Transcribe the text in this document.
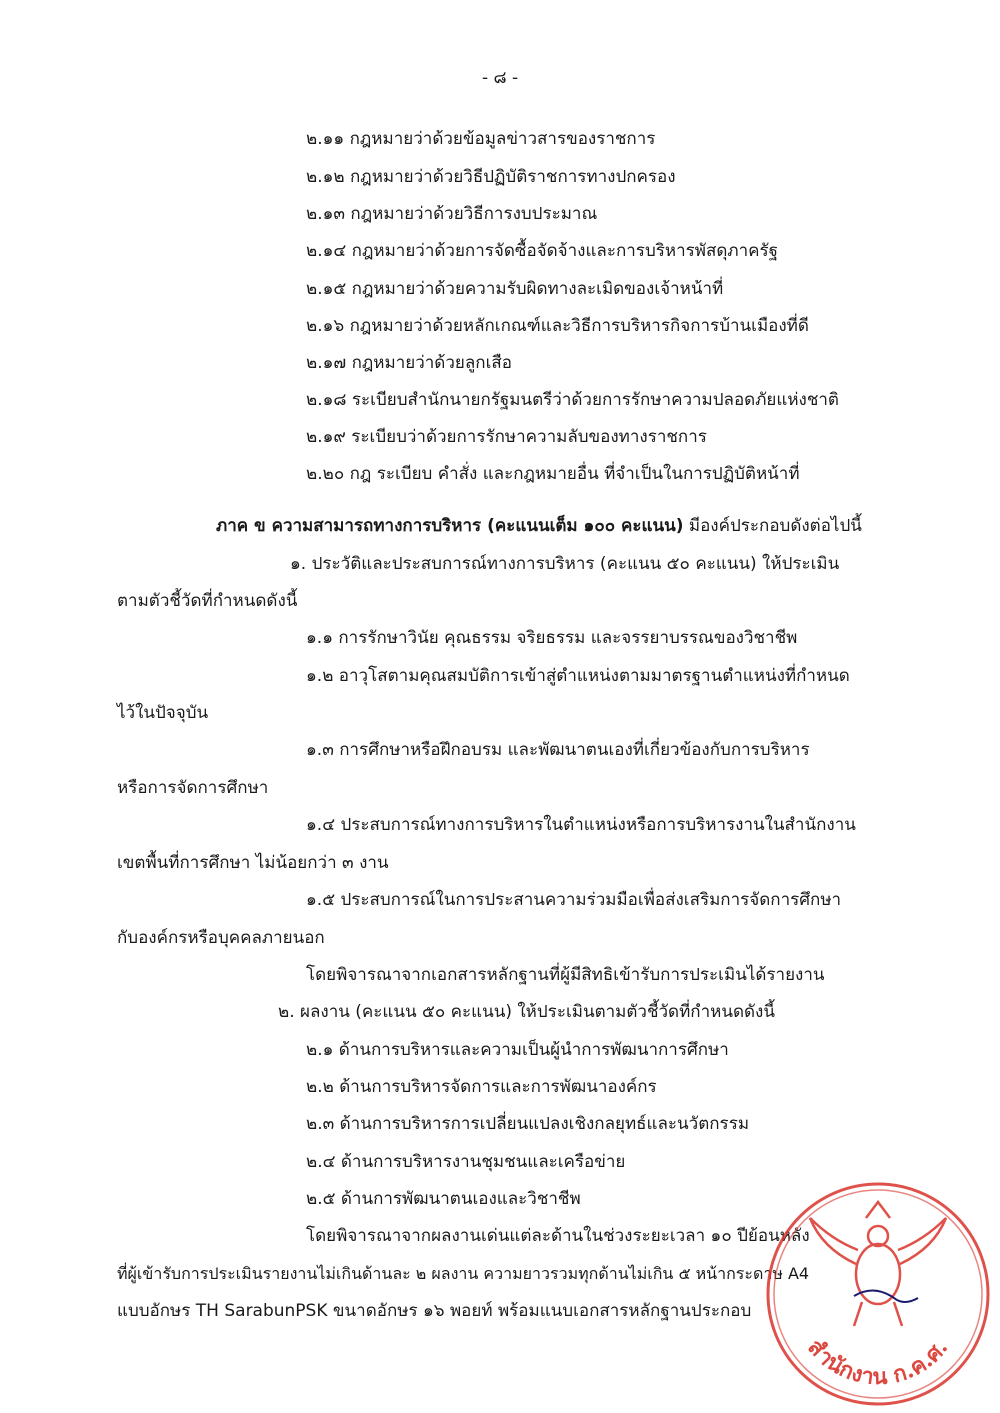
- ๘ -
๒.๑๑ กฎหมายว่าด้วยข้อมูลข่าวสารของราชการ
๒.๑๒ กฎหมายว่าด้วยวิธีปฏิบัติราชการทางปกครอง
๒.๑๓ กฎหมายว่าด้วยวิธีการงบประมาณ
๒.๑๔ กฎหมายว่าด้วยการจัดซื้อจัดจ้างและการบริหารพัสดุภาครัฐ
๒.๑๕ กฎหมายว่าด้วยความรับผิดทางละเมิดของเจ้าหน้าที่
๒.๑๖ กฎหมายว่าด้วยหลักเกณฑ์และวิธีการบริหารกิจการบ้านเมืองที่ดี
๒.๑๗ กฎหมายว่าด้วยลูกเสือ
๒.๑๘ ระเบียบสำนักนายกรัฐมนตรีว่าด้วยการรักษาความปลอดภัยแห่งชาติ
๒.๑๙ ระเบียบว่าด้วยการรักษาความลับของทางราชการ
๒.๒๐ กฎ ระเบียบ คำสั่ง และกฎหมายอื่น ที่จำเป็นในการปฏิบัติหน้าที่
ภาค ข ความสามารถทางการบริหาร (คะแนนเต็ม ๑๐๐ คะแนน) มีองค์ประกอบดังต่อไปนี้
๑. ประวัติและประสบการณ์ทางการบริหาร (คะแนน ๕๐ คะแนน) ให้ประเมิน
ตามตัวชี้วัดที่กำหนดดังนี้
๑.๑ การรักษาวินัย คุณธรรม จริยธรรม และจรรยาบรรณของวิชาชีพ
๑.๒ อาวุโสตามคุณสมบัติการเข้าสู่ตำแหน่งตามมาตรฐานตำแหน่งที่กำหนด
ไว้ในปัจจุบัน
๑.๓ การศึกษาหรือฝึกอบรม และพัฒนาตนเองที่เกี่ยวข้องกับการบริหาร
หรือการจัดการศึกษา
๑.๔ ประสบการณ์ทางการบริหารในตำแหน่งหรือการบริหารงานในสำนักงาน
เขตพื้นที่การศึกษา ไม่น้อยกว่า ๓ งาน
๑.๕ ประสบการณ์ในการประสานความร่วมมือเพื่อส่งเสริมการจัดการศึกษา
กับองค์กรหรือบุคคลภายนอก
โดยพิจารณาจากเอกสารหลักฐานที่ผู้มีสิทธิเข้ารับการประเมินได้รายงาน
๒. ผลงาน (คะแนน ๕๐ คะแนน) ให้ประเมินตามตัวชี้วัดที่กำหนดดังนี้
๒.๑ ด้านการบริหารและความเป็นผู้นำการพัฒนาการศึกษา
๒.๒ ด้านการบริหารจัดการและการพัฒนาองค์กร
๒.๓ ด้านการบริหารการเปลี่ยนแปลงเชิงกลยุทธ์และนวัตกรรม
๒.๔ ด้านการบริหารงานชุมชนและเครือข่าย
๒.๕ ด้านการพัฒนาตนเองและวิชาชีพ
โดยพิจารณาจากผลงานเด่นแต่ละด้านในช่วงระยะเวลา ๑๐ ปีย้อนหลัง
ที่ผู้เข้ารับการประเมินรายงานไม่เกินด้านละ ๒ ผลงาน ความยาวรวมทุกด้านไม่เกิน ๕ หน้ากระดาษ A4
แบบอักษร TH SarabunPSK ขนาดอักษร ๑๖ พอยท์ พร้อมแนบเอกสารหลักฐานประกอบ
สำนักงาน ก.ค.ศ.
